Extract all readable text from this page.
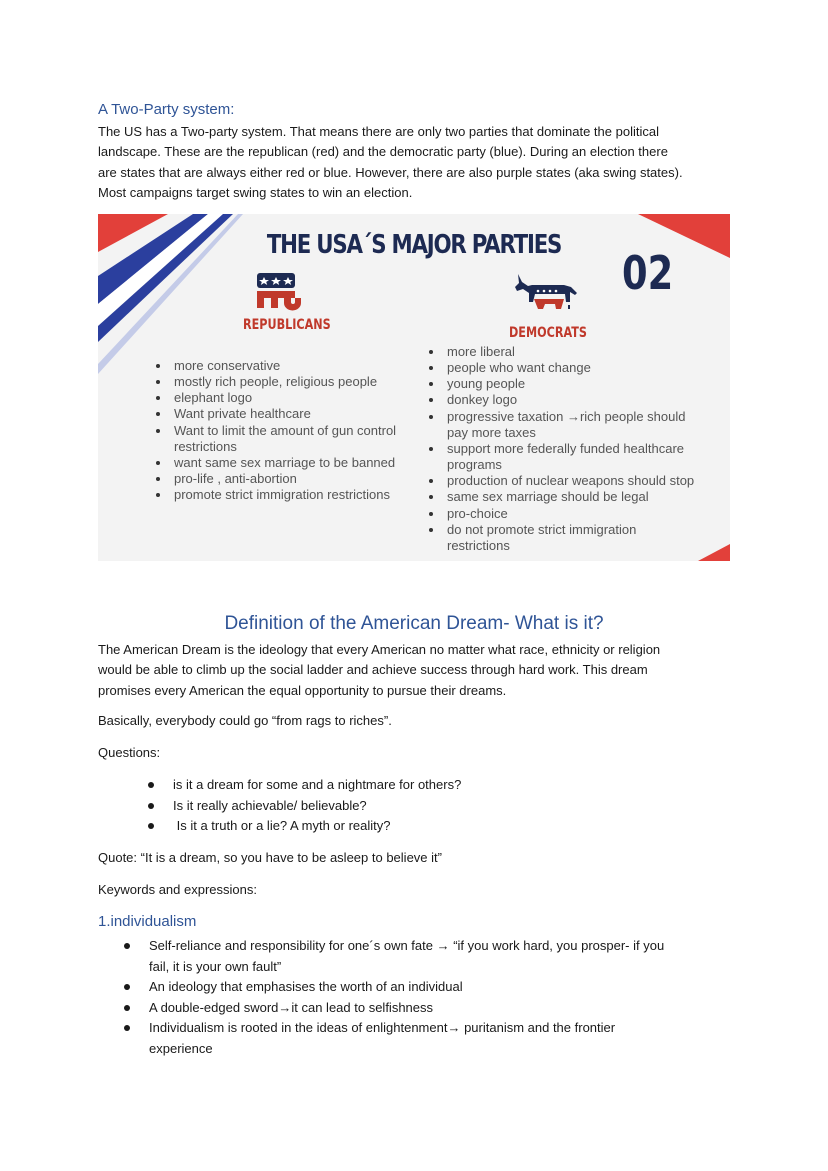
A Two-Party system:
The US has a Two-party system. That means there are only two parties that dominate the political
landscape. These are the republican (red) and the democratic party (blue). During an election there
are states that are always either red or blue. However, there are also purple states (aka swing states).
Most campaigns target swing states to win an election.
THE USA´S MAJOR PARTIES
02
REPUBLICANS	DEMOCRATS
more conservative
mostly rich people, religious people
elephant logo
Want private healthcare
Want to limit the amount of gun control
restrictions
want same sex marriage to be banned
pro-life , anti-abortion
promote strict immigration restrictions
more liberal
people who want change
young people
donkey logo
progressive taxation →rich people should
pay more taxes
support more federally funded healthcare
programs
production of nuclear weapons should stop
same sex marriage should be legal
pro-choice
do not promote strict immigration
restrictions
Definition of the American Dream- What is it?
The American Dream is the ideology that every American no matter what race, ethnicity or religion
would be able to climb up the social ladder and achieve success through hard work. This dream
promises every American the equal opportunity to pursue their dreams.
Basically, everybody could go “from rags to riches”.
Questions:
is it a dream for some and a nightmare for others?
Is it really achievable/ believable?
Is it a truth or a lie? A myth or reality?
Quote: “It is a dream, so you have to be asleep to believe it”
Keywords and expressions:
1.individualism
Self-reliance and responsibility for one´s own fate → “if you work hard, you prosper- if you
fail, it is your own fault”
An ideology that emphasises the worth of an individual
A double-edged sword→it can lead to selfishness
Individualism is rooted in the ideas of enlightenment→ puritanism and the frontier
experience
